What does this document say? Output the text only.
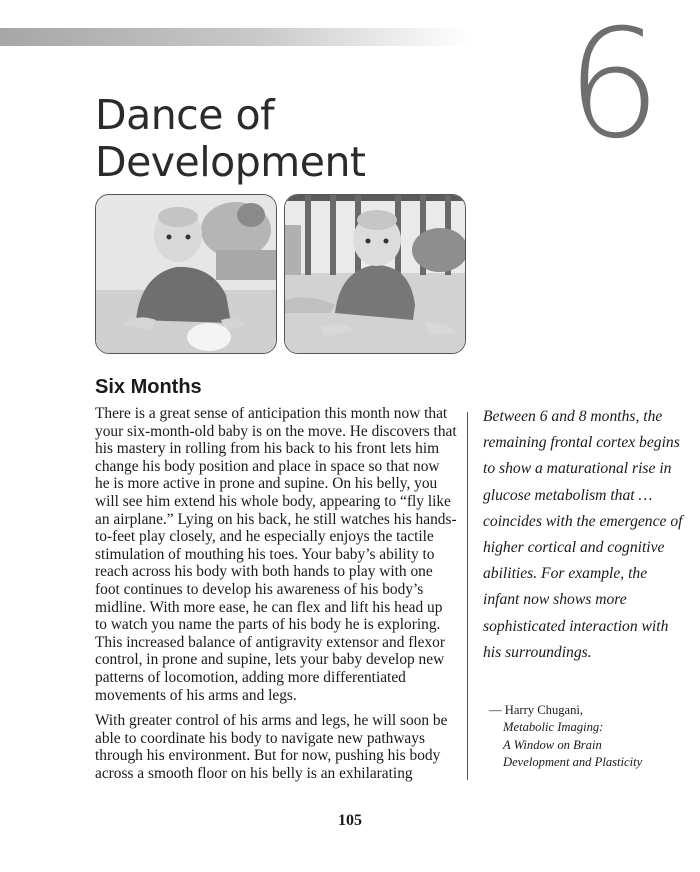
6
Dance of
Development
Six Months

There is a great sense of anticipation this month now that your six-month-old baby is on the move. He discovers that his mastery in rolling from his back to his front lets him change his body position and place in space so that now he is more active in prone and supine. On his belly, you will see him extend his whole body, appearing to “fly like an airplane.” Lying on his back, he still watches his hands-to-feet play closely, and he especially enjoys the tactile stimulation of mouthing his toes. Your baby’s ability to reach across his body with both hands to play with one foot continues to develop his awareness of his body’s midline. With more ease, he can flex and lift his head up to watch you name the parts of his body he is exploring. This increased balance of antigravity extensor and flexor control, in prone and supine, lets your baby develop new patterns of locomotion, adding more differentiated movements of his arms and legs.

With greater control of his arms and legs, he will soon be able to coordinate his body to navigate new pathways through his environment. But for now, pushing his body across a smooth floor on his belly is an exhilarating

Between 6 and 8 months, the remaining frontal cortex begins to show a maturational rise in glucose metabolism that … coincides with the emergence of higher cortical and cognitive abilities. For example, the infant now shows more sophisticated interaction with his surroundings.
— Harry Chugani,
Metabolic Imaging:
A Window on Brain
Development and Plasticity
105
